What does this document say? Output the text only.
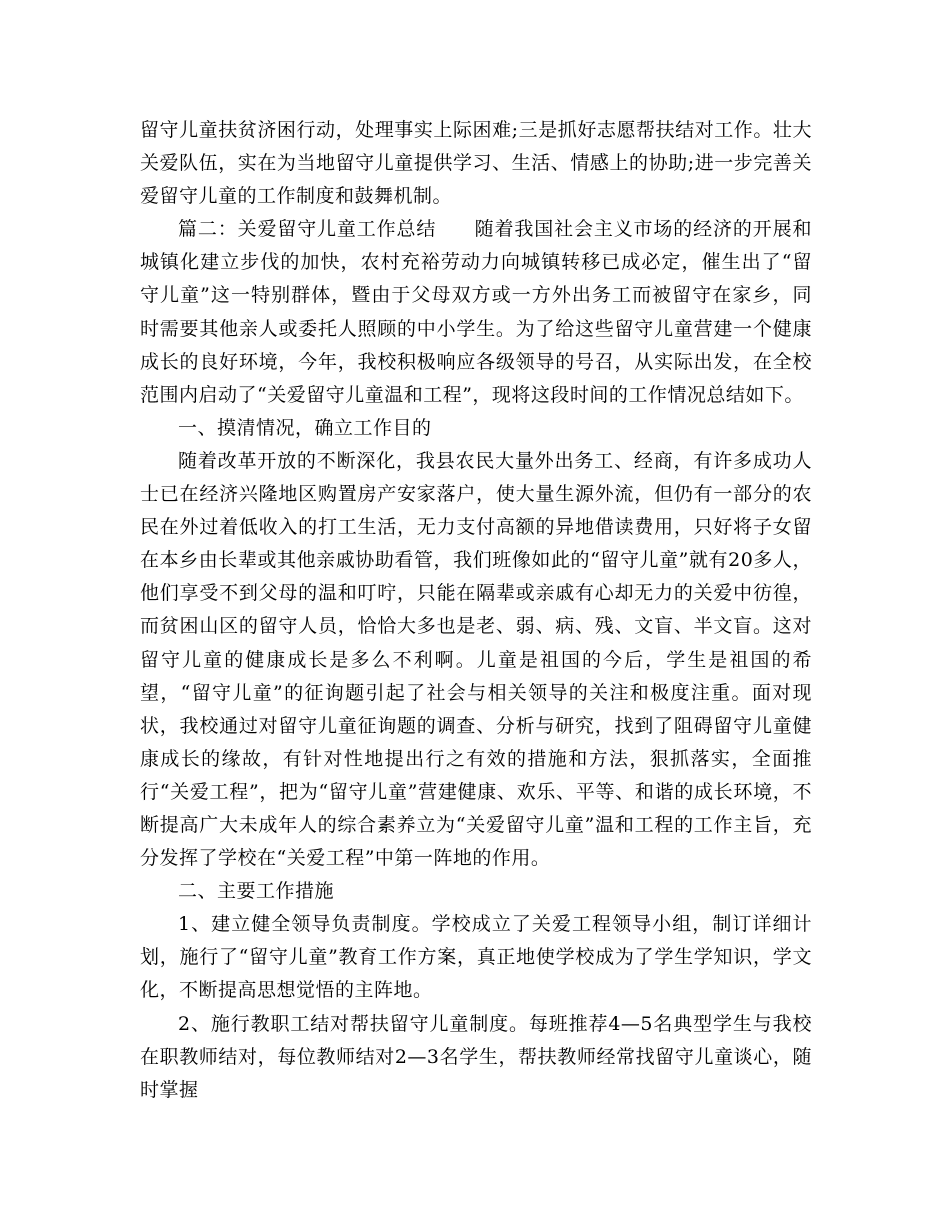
留守儿童扶贫济困行动，处理事实上际困难;三是抓好志愿帮扶结对工作。壮大关爱队伍，实在为当地留守儿童提供学习、生活、情感上的协助;进一步完善关爱留守儿童的工作制度和鼓舞机制。

篇二：关爱留守儿童工作总结 随着我国社会主义市场的经济的开展和城镇化建立步伐的加快，农村充裕劳动力向城镇转移已成必定，催生出了“留守儿童”这一特别群体，暨由于父母双方或一方外出务工而被留守在家乡，同时需要其他亲人或委托人照顾的中小学生。为了给这些留守儿童营建一个健康成长的良好环境，今年，我校积极响应各级领导的号召，从实际出发，在全校范围内启动了“关爱留守儿童温和工程”，现将这段时间的工作情况总结如下。

一、摸清情况，确立工作目的

随着改革开放的不断深化，我县农民大量外出务工、经商，有许多成功人士已在经济兴隆地区购置房产安家落户，使大量生源外流，但仍有一部分的农民在外过着低收入的打工生活，无力支付高额的异地借读费用，只好将子女留在本乡由长辈或其他亲戚协助看管，我们班像如此的“留守儿童”就有20多人，他们享受不到父母的温和叮咛，只能在隔辈或亲戚有心却无力的关爱中彷徨，而贫困山区的留守人员，恰恰大多也是老、弱、病、残、文盲、半文盲。这对留守儿童的健康成长是多么不利啊。儿童是祖国的今后，学生是祖国的希望，“留守儿童”的征询题引起了社会与相关领导的关注和极度注重。面对现状，我校通过对留守儿童征询题的调查、分析与研究，找到了阻碍留守儿童健康成长的缘故，有针对性地提出行之有效的措施和方法，狠抓落实，全面推行“关爱工程”，把为“留守儿童”营建健康、欢乐、平等、和谐的成长环境，不断提高广大未成年人的综合素养立为“关爱留守儿童”温和工程的工作主旨，充分发挥了学校在“关爱工程”中第一阵地的作用。

二、主要工作措施

1、建立健全领导负责制度。学校成立了关爱工程领导小组，制订详细计划，施行了“留守儿童”教育工作方案，真正地使学校成为了学生学知识，学文化，不断提高思想觉悟的主阵地。

2、施行教职工结对帮扶留守儿童制度。每班推荐4—5名典型学生与我校在职教师结对，每位教师结对2—3名学生，帮扶教师经常找留守儿童谈心，随时掌握
